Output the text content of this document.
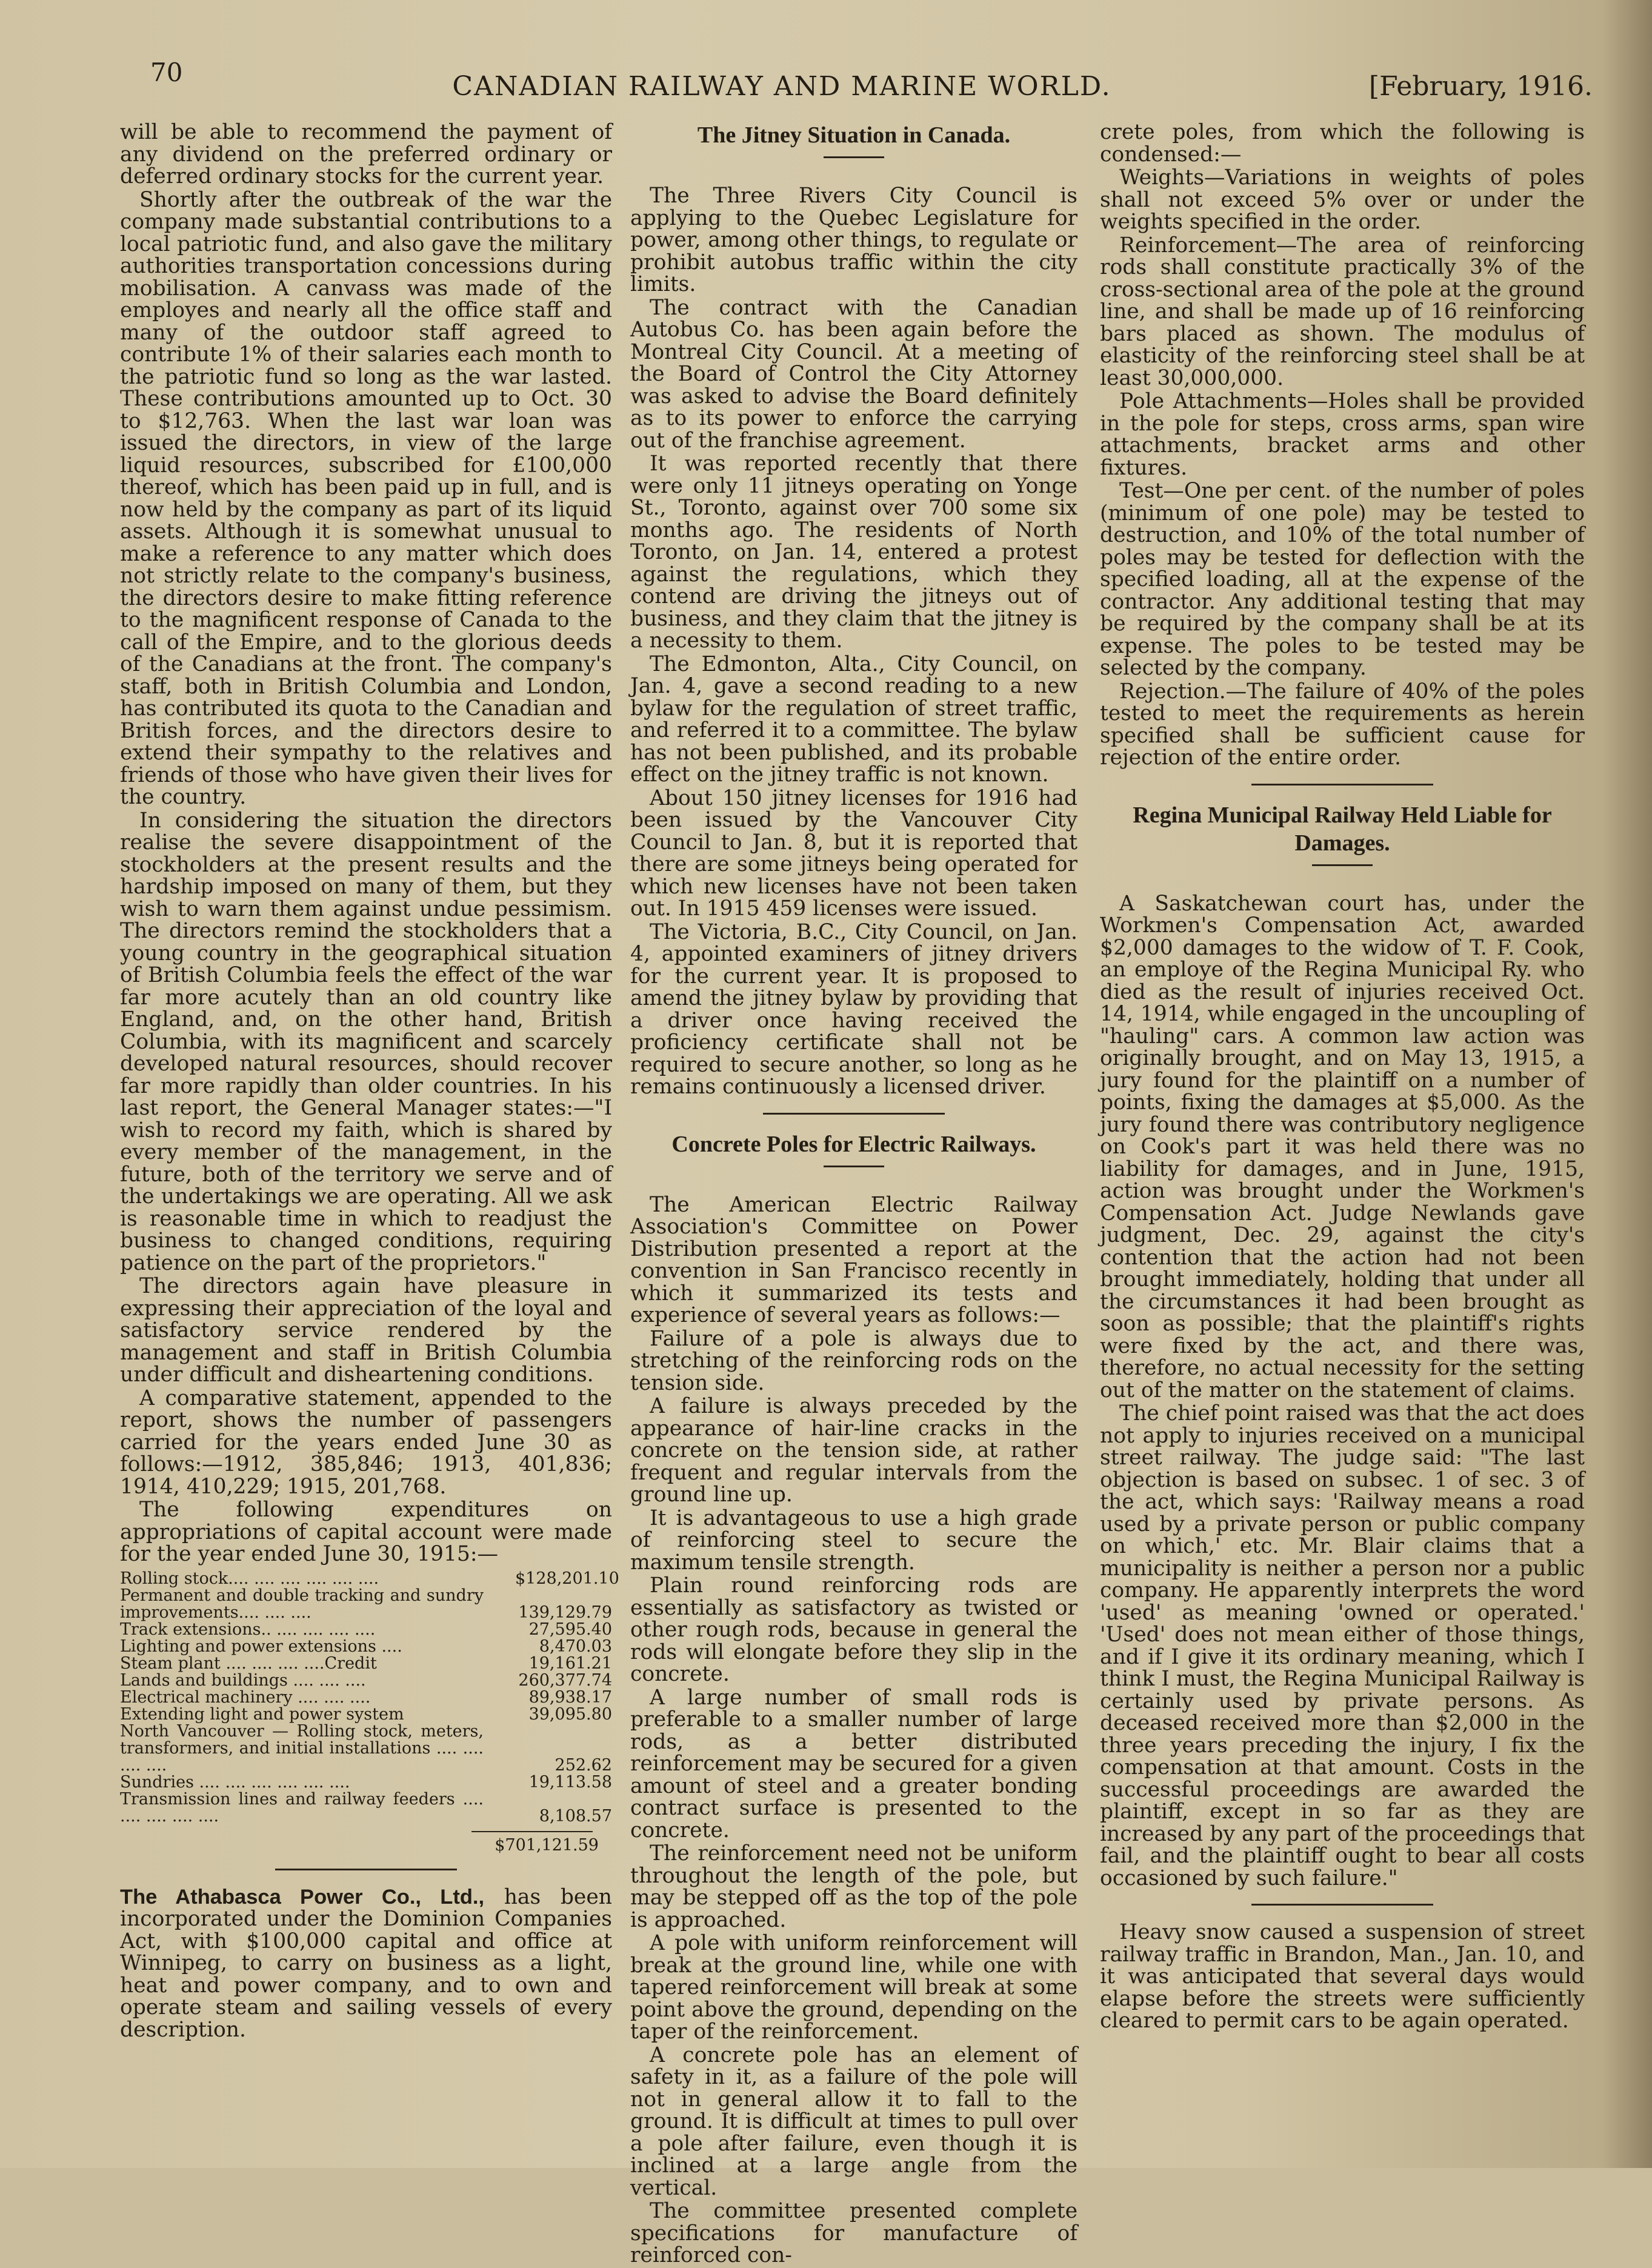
70	CANADIAN RAILWAY AND MARINE WORLD.	[February, 1916.

will be able to recommend the payment of any dividend on the preferred ordinary or deferred ordinary stocks for the current year.

Shortly after the outbreak of the war the company made substantial contributions to a local patriotic fund, and also gave the military authorities transportation concessions during mobilisation. A canvass was made of the employes and nearly all the office staff and many of the outdoor staff agreed to contribute 1% of their salaries each month to the patriotic fund so long as the war lasted. These contributions amounted up to Oct. 30 to $12,763. When the last war loan was issued the directors, in view of the large liquid resources, subscribed for £100,000 thereof, which has been paid up in full, and is now held by the company as part of its liquid assets. Although it is somewhat unusual to make a reference to any matter which does not strictly relate to the company's business, the directors desire to make fitting reference to the magnificent response of Canada to the call of the Empire, and to the glorious deeds of the Canadians at the front. The company's staff, both in British Columbia and London, has contributed its quota to the Canadian and British forces, and the directors desire to extend their sympathy to the relatives and friends of those who have given their lives for the country.

In considering the situation the directors realise the severe disappointment of the stockholders at the present results and the hardship imposed on many of them, but they wish to warn them against undue pessimism. The directors remind the stockholders that a young country in the geographical situation of British Columbia feels the effect of the war far more acutely than an old country like England, and, on the other hand, British Columbia, with its magnificent and scarcely developed natural resources, should recover far more rapidly than older countries. In his last report, the General Manager states:—"I wish to record my faith, which is shared by every member of the management, in the future, both of the territory we serve and of the undertakings we are operating. All we ask is reasonable time in which to readjust the business to changed conditions, requiring patience on the part of the proprietors."

The directors again have pleasure in expressing their appreciation of the loyal and satisfactory service rendered by the management and staff in British Columbia under difficult and disheartening conditions.

A comparative statement, appended to the report, shows the number of passengers carried for the years ended June 30 as follows:—1912, 385,846; 1913, 401,836; 1914, 410,229; 1915, 201,768.

The following expenditures on appropriations of capital account were made for the year ended June 30, 1915:—

Rolling stock.... .... .... .... .... ....	$128,201.10
Permanent and double tracking and sundry improvements.... .... ....	139,129.79
Track extensions.. .... .... .... ....	27,595.40
Lighting and power extensions ....	8,470.03
Steam plant .... .... .... ....Credit	19,161.21
Lands and buildings .... .... ....	260,377.74
Electrical machinery .... .... ....	89,938.17
Extending light and power system	39,095.80
North Vancouver — Rolling stock, meters, transformers, and initial installations .... .... .... ....	252.62
Sundries .... .... .... .... .... ....	19,113.58
Transmission lines and railway feeders .... .... .... .... ....	8,108.57
$701,121.59

The Athabasca Power Co., Ltd., has been incorporated under the Dominion Companies Act, with $100,000 capital and office at Winnipeg, to carry on business as a light, heat and power company, and to own and operate steam and sailing vessels of every description.

The Jitney Situation in Canada.

The Three Rivers City Council is applying to the Quebec Legislature for power, among other things, to regulate or prohibit autobus traffic within the city limits.

The contract with the Canadian Autobus Co. has been again before the Montreal City Council. At a meeting of the Board of Control the City Attorney was asked to advise the Board definitely as to its power to enforce the carrying out of the franchise agreement.

It was reported recently that there were only 11 jitneys operating on Yonge St., Toronto, against over 700 some six months ago. The residents of North Toronto, on Jan. 14, entered a protest against the regulations, which they contend are driving the jitneys out of business, and they claim that the jitney is a necessity to them.

The Edmonton, Alta., City Council, on Jan. 4, gave a second reading to a new bylaw for the regulation of street traffic, and referred it to a committee. The bylaw has not been published, and its probable effect on the jitney traffic is not known.

About 150 jitney licenses for 1916 had been issued by the Vancouver City Council to Jan. 8, but it is reported that there are some jitneys being operated for which new licenses have not been taken out. In 1915 459 licenses were issued.

The Victoria, B.C., City Council, on Jan. 4, appointed examiners of jitney drivers for the current year. It is proposed to amend the jitney bylaw by providing that a driver once having received the proficiency certificate shall not be required to secure another, so long as he remains continuously a licensed driver.

Concrete Poles for Electric Railways.

The American Electric Railway Association's Committee on Power Distribution presented a report at the convention in San Francisco recently in which it summarized its tests and experience of several years as follows:—

Failure of a pole is always due to stretching of the reinforcing rods on the tension side.

A failure is always preceded by the appearance of hair-line cracks in the concrete on the tension side, at rather frequent and regular intervals from the ground line up.

It is advantageous to use a high grade of reinforcing steel to secure the maximum tensile strength.

Plain round reinforcing rods are essentially as satisfactory as twisted or other rough rods, because in general the rods will elongate before they slip in the concrete.

A large number of small rods is preferable to a smaller number of large rods, as a better distributed reinforcement may be secured for a given amount of steel and a greater bonding contract surface is presented to the concrete.

The reinforcement need not be uniform throughout the length of the pole, but may be stepped off as the top of the pole is approached.

A pole with uniform reinforcement will break at the ground line, while one with tapered reinforcement will break at some point above the ground, depending on the taper of the reinforcement.

A concrete pole has an element of safety in it, as a failure of the pole will not in general allow it to fall to the ground. It is difficult at times to pull over a pole after failure, even though it is inclined at a large angle from the vertical.

The committee presented complete specifications for manufacture of reinforced con-

crete poles, from which the following is condensed:—

Weights—Variations in weights of poles shall not exceed 5% over or under the weights specified in the order.

Reinforcement—The area of reinforcing rods shall constitute practically 3% of the cross-sectional area of the pole at the ground line, and shall be made up of 16 reinforcing bars placed as shown. The modulus of elasticity of the reinforcing steel shall be at least 30,000,000.

Pole Attachments—Holes shall be provided in the pole for steps, cross arms, span wire attachments, bracket arms and other fixtures.

Test—One per cent. of the number of poles (minimum of one pole) may be tested to destruction, and 10% of the total number of poles may be tested for deflection with the specified loading, all at the expense of the contractor. Any additional testing that may be required by the company shall be at its expense. The poles to be tested may be selected by the company.

Rejection.—The failure of 40% of the poles tested to meet the requirements as herein specified shall be sufficient cause for rejection of the entire order.

Regina Municipal Railway Held Liable for Damages.

A Saskatchewan court has, under the Workmen's Compensation Act, awarded $2,000 damages to the widow of T. F. Cook, an employe of the Regina Municipal Ry. who died as the result of injuries received Oct. 14, 1914, while engaged in the uncoupling of "hauling" cars. A common law action was originally brought, and on May 13, 1915, a jury found for the plaintiff on a number of points, fixing the damages at $5,000. As the jury found there was contributory negligence on Cook's part it was held there was no liability for damages, and in June, 1915, action was brought under the Workmen's Compensation Act. Judge Newlands gave judgment, Dec. 29, against the city's contention that the action had not been brought immediately, holding that under all the circumstances it had been brought as soon as possible; that the plaintiff's rights were fixed by the act, and there was, therefore, no actual necessity for the setting out of the matter on the statement of claims.

The chief point raised was that the act does not apply to injuries received on a municipal street railway. The judge said: "The last objection is based on subsec. 1 of sec. 3 of the act, which says: 'Railway means a road used by a private person or public company on which,' etc. Mr. Blair claims that a municipality is neither a person nor a public company. He apparently interprets the word 'used' as meaning 'owned or operated.' 'Used' does not mean either of those things, and if I give it its ordinary meaning, which I think I must, the Regina Municipal Railway is certainly used by private persons. As deceased received more than $2,000 in the three years preceding the injury, I fix the compensation at that amount. Costs in the successful proceedings are awarded the plaintiff, except in so far as they are increased by any part of the proceedings that fail, and the plaintiff ought to bear all costs occasioned by such failure."

Heavy snow caused a suspension of street railway traffic in Brandon, Man., Jan. 10, and it was anticipated that several days would elapse before the streets were sufficiently cleared to permit cars to be again operated.
